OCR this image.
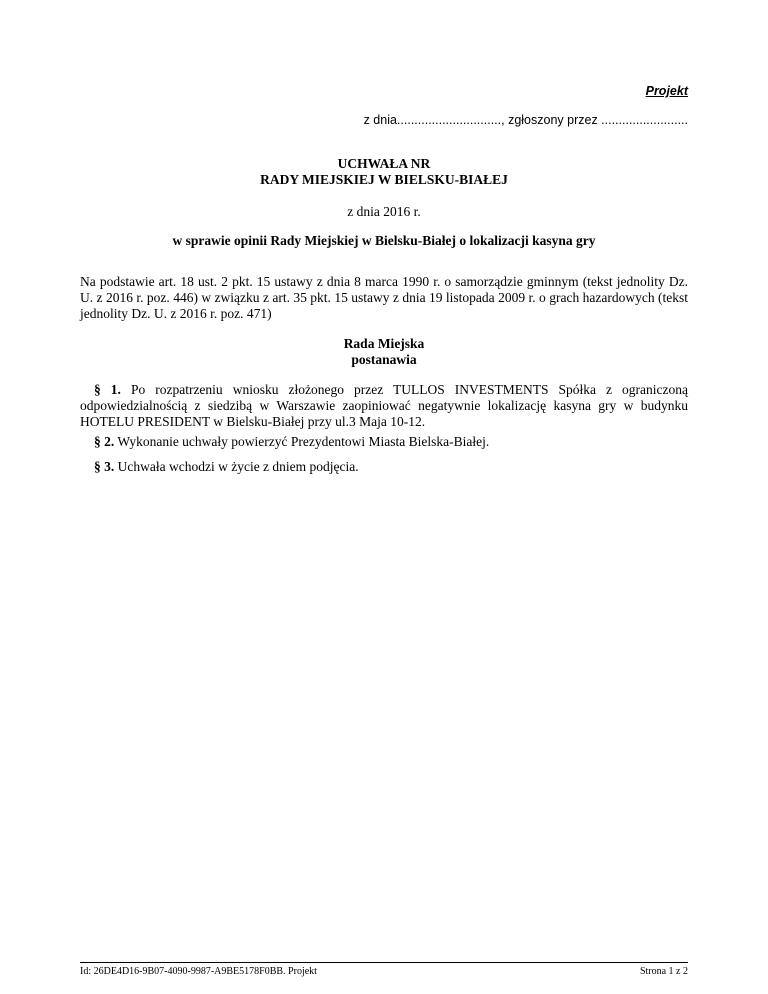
Projekt
z dnia.............................., zgłoszony przez .........................
UCHWAŁA NR
RADY MIEJSKIEJ W BIELSKU-BIAŁEJ
z dnia 2016 r.
w sprawie opinii Rady Miejskiej w Bielsku-Białej o lokalizacji kasyna gry
Na podstawie art. 18 ust. 2 pkt. 15 ustawy z dnia 8 marca 1990 r. o samorządzie gminnym (tekst jednolity Dz. U. z 2016 r. poz. 446) w związku z art. 35 pkt. 15 ustawy z dnia 19 listopada 2009 r. o grach hazardowych (tekst jednolity Dz. U. z 2016 r. poz. 471)
Rada Miejska
postanawia
§ 1. Po rozpatrzeniu wniosku złożonego przez TULLOS INVESTMENTS Spółka z ograniczoną odpowiedzialnością z siedzibą w Warszawie zaopiniować negatywnie lokalizację kasyna gry w budynku HOTELU PRESIDENT w Bielsku-Białej przy ul.3 Maja 10-12.
§ 2. Wykonanie uchwały powierzyć Prezydentowi Miasta Bielska-Białej.
§ 3. Uchwała wchodzi w życie z dniem podjęcia.
Id: 26DE4D16-9B07-4090-9987-A9BE5178F0BB. Projekt	Strona 1 z 2
